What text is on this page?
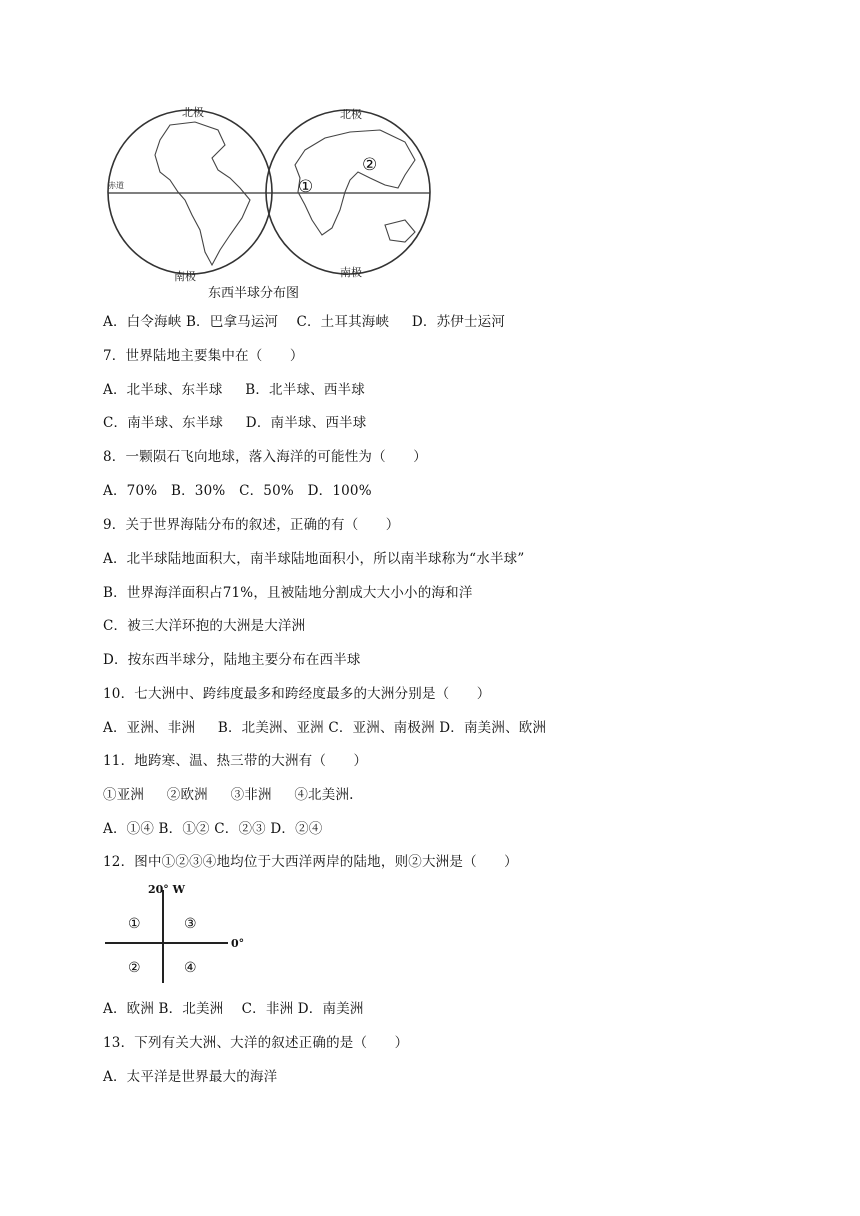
北极	北极
赤道
南极	南极
①
②
东西半球分布图
A．白令海峡 B．巴拿马运河　 C．土耳其海峡　  D．苏伊士运河
7．世界陆地主要集中在（　　）
A．北半球、东半球　  B．北半球、西半球
C．南半球、东半球　  D．南半球、西半球
8．一颗陨石飞向地球，落入海洋的可能性为（　　）
A．70%　B．30%　C．50%　D．100%
9．关于世界海陆分布的叙述，正确的有（　　）
A．北半球陆地面积大，南半球陆地面积小，所以南半球称为“水半球”
B．世界海洋面积占71%，且被陆地分割成大大小小的海和洋
C．被三大洋环抱的大洲是大洋洲
D．按东西半球分，陆地主要分布在西半球
10．七大洲中、跨纬度最多和跨经度最多的大洲分别是（　　）
A．亚洲、非洲　  B．北美洲、亚洲 C．亚洲、南极洲 D．南美洲、欧洲
11．地跨寒、温、热三带的大洲有（　　）
①亚洲　  ②欧洲　  ③非洲　  ④北美洲.
A．①④ B．①② C．②③ D．②④
12．图中①②③④地均位于大西洋两岸的陆地，则②大洲是（　　）
20° W
0°
①	③
②	④
A．欧洲 B．北美洲　 C．非洲 D．南美洲
13．下列有关大洲、大洋的叙述正确的是（　　）
A．太平洋是世界最大的海洋
